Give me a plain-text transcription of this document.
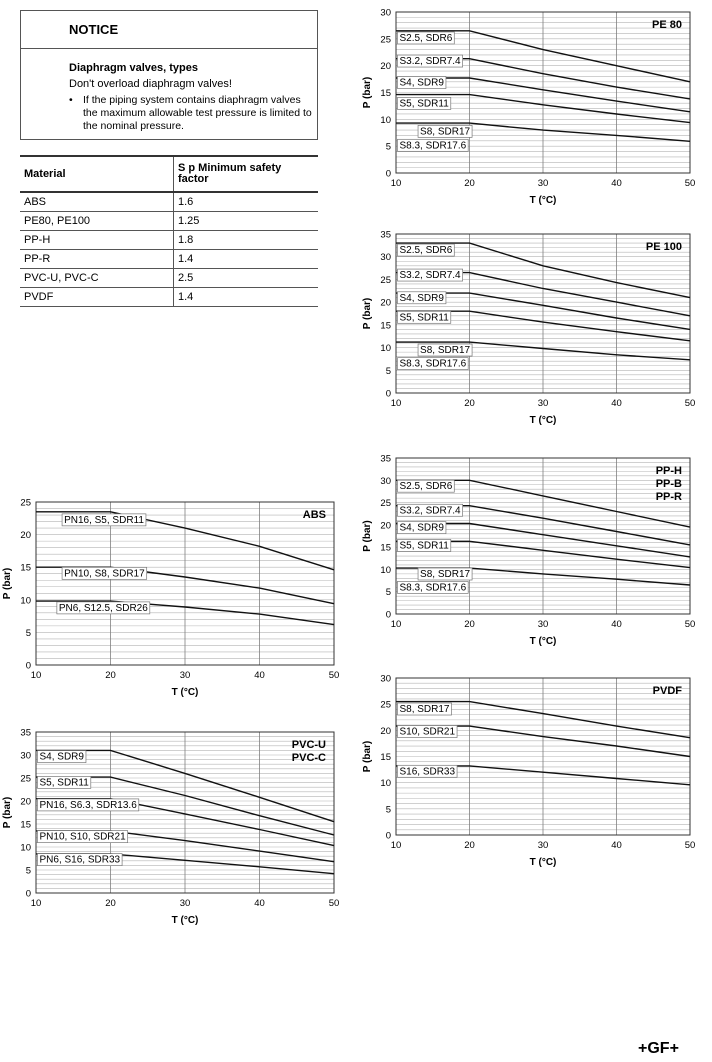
NOTICE
Diaphragm valves, types
Don't overload diaphragm valves!
• If the piping system contains diaphragm valves the maximum allowable test pressure is limited to the nominal pressure.
Material	S p Minimum safety factor
ABS	1.6
PE80, PE100	1.25
PP-H	1.8
PP-R	1.4
PVC-U, PVC-C	2.5
PVDF	1.4
0
5
10
15
20
25
30
10	20	30	40	50
T (°C)
P (bar)
S2.5, SDR6
S3.2, SDR7.4
S4, SDR9
S5, SDR11
S8, SDR17
S8.3, SDR17.6
PE 80
0
5
10
15
20
25
30
35
10	20	30	40	50
T (°C)
P (bar)
S2.5, SDR6
S3.2, SDR7.4
S4, SDR9
S5, SDR11
S8, SDR17
S8.3, SDR17.6
PE 100
0
5
10
15
20
25
30
35
10	20	30	40	50
T (°C)
P (bar)
S2.5, SDR6
S3.2, SDR7.4
S4, SDR9
S5, SDR11
S8, SDR17
S8.3, SDR17.6
PP-H
PP-B
PP-R
0
5
10
15
20
25
30
10	20	30	40	50
T (°C)
P (bar)
S8, SDR17
S10, SDR21
S16, SDR33
PVDF
0
5
10
15
20
25
10	20	30	40	50
T (°C)
P (bar)
PN16, S5, SDR11
PN10, S8, SDR17
PN6, S12.5, SDR26
ABS
0
5
10
15
20
25
30
35
10	20	30	40	50
T (°C)
P (bar)
S4, SDR9
S5, SDR11
PN16, S6.3, SDR13.6
PN10, S10, SDR21
PN6, S16, SDR33
PVC-U
PVC-C
+GF+
